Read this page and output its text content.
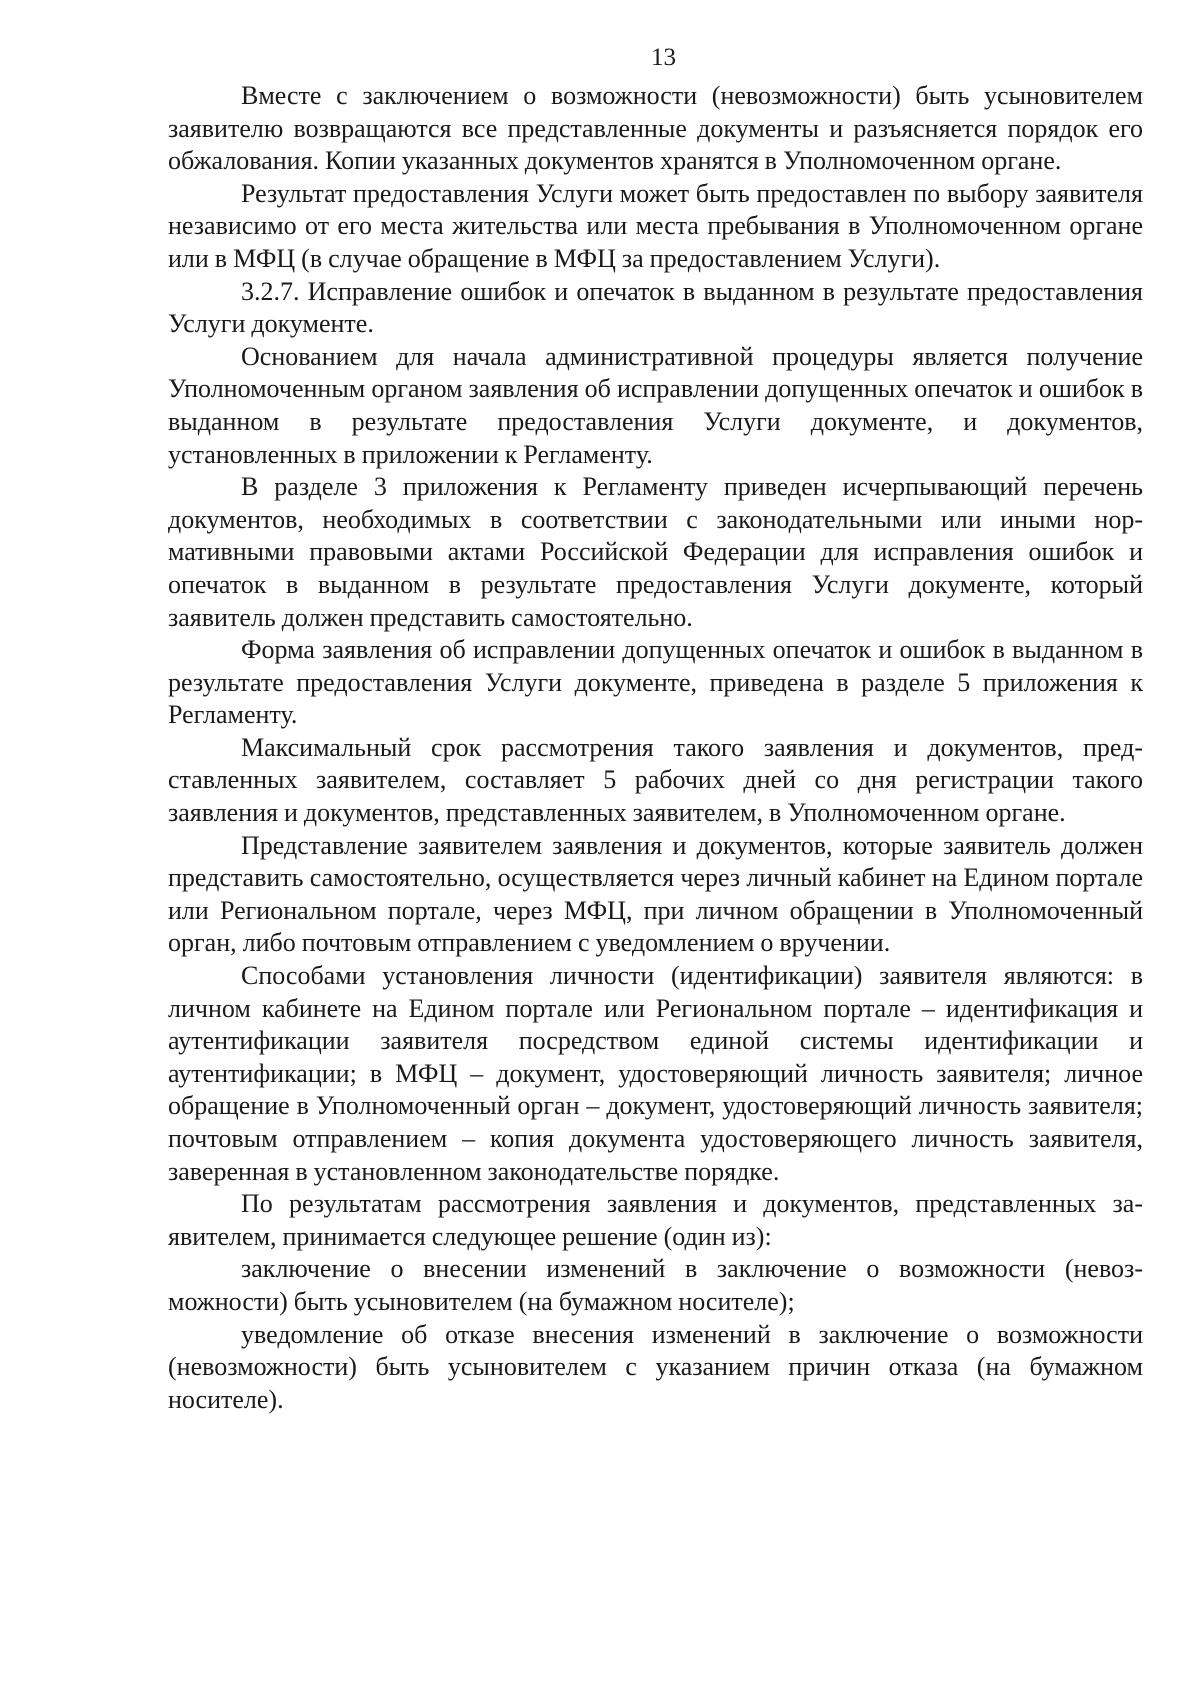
13

Вместе с заключением о возможности (невозможности) быть усыновителем заявителю возвращаются все представленные документы и разъясняется порядок его обжалования. Копии указанных документов хранятся в Уполномоченном органе.

Результат предоставления Услуги может быть предоставлен по выбору заявителя независимо от его места жительства или места пребывания в Уполномоченном органе или в МФЦ (в случае обращение в МФЦ за предоставлением Услуги).

3.2.7. Исправление ошибок и опечаток в выданном в результате предоставления Услуги документе.

Основанием для начала административной процедуры является получение Уполномоченным органом заявления об исправлении допущенных опечаток и ошибок в выданном в результате предоставления Услуги документе, и документов, установленных в приложении к Регламенту.

В разделе 3 приложения к Регламенту приведен исчерпывающий перечень документов, необходимых в соответствии с законодательными или иными нормативными правовыми актами Российской Федерации для исправления ошибок и опечаток в выданном в результате предоставления Услуги документе, который заявитель должен представить самостоятельно.

Форма заявления об исправлении допущенных опечаток и ошибок в выданном в результате предоставления Услуги документе, приведена в разделе 5 приложения к Регламенту.

Максимальный срок рассмотрения такого заявления и документов, представленных заявителем, составляет 5 рабочих дней со дня регистрации такого заявления и документов, представленных заявителем, в Уполномоченном органе.

Представление заявителем заявления и документов, которые заявитель должен представить самостоятельно, осуществляется через личный кабинет на Едином портале или Региональном портале, через МФЦ, при личном обращении в Уполномоченный орган, либо почтовым отправлением с уведомлением о вручении.

Способами установления личности (идентификации) заявителя являются: в личном кабинете на Едином портале или Региональном портале – идентификация и аутентификации заявителя посредством единой системы идентификации и аутентификации; в МФЦ – документ, удостоверяющий личность заявителя; личное обращение в Уполномоченный орган – документ, удостоверяющий личность заявителя; почтовым отправлением – копия документа удостоверяющего личность заявителя, заверенная в установленном законодательстве порядке.

По результатам рассмотрения заявления и документов, представленных заявителем, принимается следующее решение (один из):

заключение о внесении изменений в заключение о возможности (невозможности) быть усыновителем (на бумажном носителе);

уведомление об отказе внесения изменений в заключение о возможности (невозможности) быть усыновителем с указанием причин отказа (на бумажном носителе).
